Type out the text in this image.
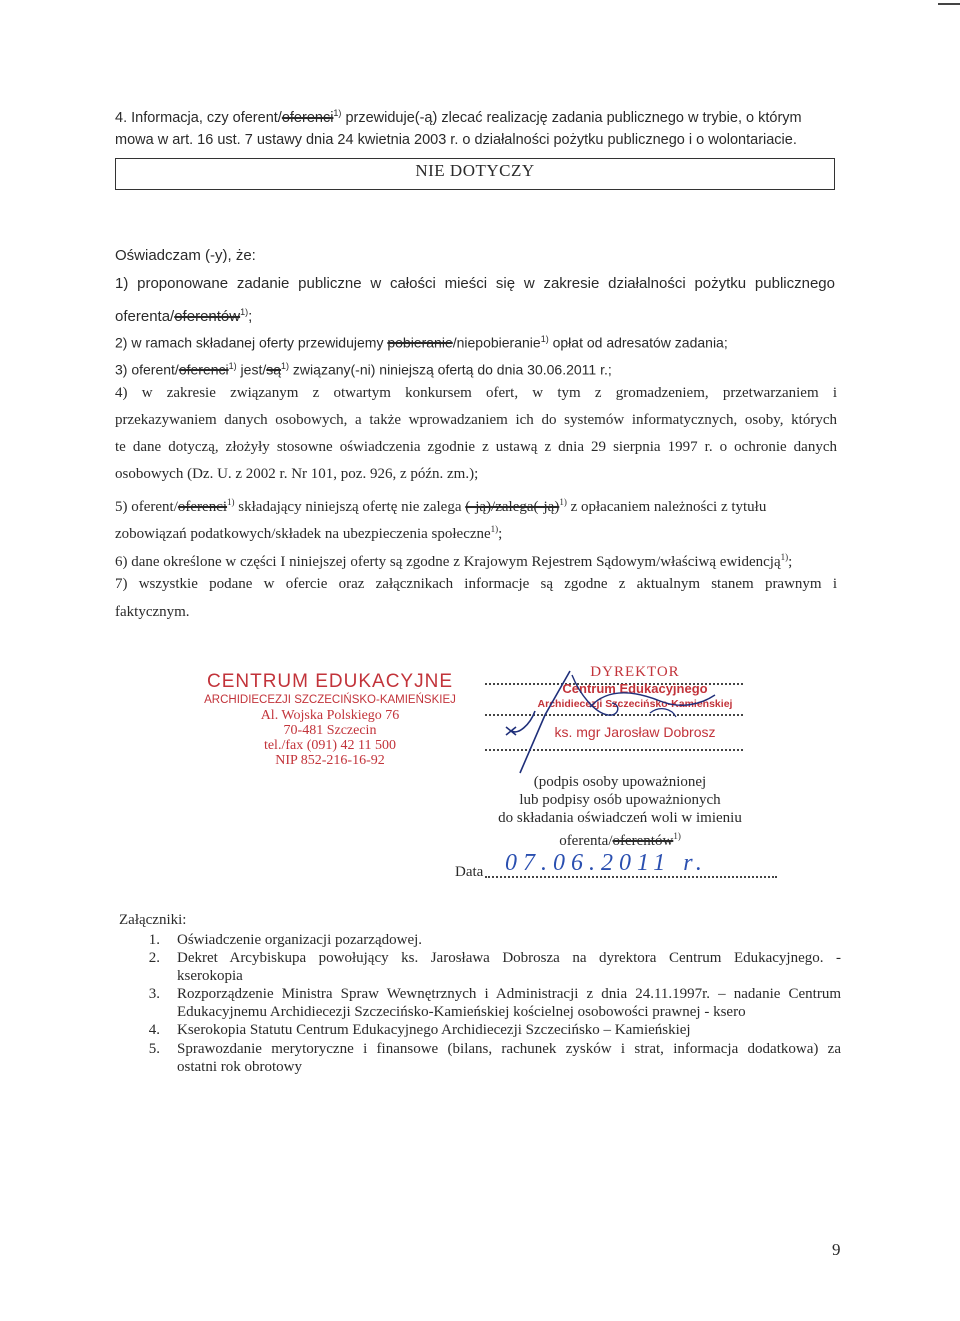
4. Informacja, czy oferent/oferenci$^{1)}$ przewiduje(-ą) zlecać realizację zadania publicznego w trybie, o którym
mowa w art. 16 ust. 7 ustawy dnia 24 kwietnia 2003 r. o działalności pożytku publicznego i o wolontariacie.
NIE DOTYCZY
Oświadczam (-y), że:
1) proponowane zadanie publiczne w całości mieści się w zakresie działalności pożytku publicznego
oferenta/oferentów$^{1)}$;
2) w ramach składanej oferty przewidujemy pobieranie/niepobieranie$^{1)}$ opłat od adresatów zadania;
3) oferent/oferenci$^{1)}$ jest/$są^{1)}$ związany(-ni) niniejszą ofertą do dnia 30.06.2011 r.;
4) w zakresie związanym z otwartym konkursem ofert, w tym z gromadzeniem, przetwarzaniem i
przekazywaniem danych osobowych, a także wprowadzaniem ich do systemów informatycznych, osoby, których
te dane dotyczą, złożyły stosowne oświadczenia zgodnie z ustawą z dnia 29 sierpnia 1997 r. o ochronie danych
osobowych (Dz. U. z 2002 r. Nr 101, poz. 926, z późn. zm.);
5) oferent/oferenci$^{1)}$ składający niniejszą ofertę nie zalega (-ją)/zalega(-ją)$^{1)}$ z opłacaniem należności z tytułu
zobowiązań podatkowych/składek na ubezpieczenia społeczne$^{1)}$;
6) dane określone w części I niniejszej oferty są zgodne z Krajowym Rejestrem Sądowym/właściwą ewidencją$^{1)}$;
7) wszystkie podane w ofercie oraz załącznikach informacje są zgodne z aktualnym stanem prawnym i
faktycznym.
CENTRUM EDUKACYJNE
ARCHIDIECEZJI SZCZECIŃSKO-KAMIEŃSKIEJ
Al. Wojska Polskiego 76
70-481 Szczecin
tel./fax (091) 42 11 500
NIP 852-216-16-92
DYREKTOR
Centrum Edukacyjnego
Archidiecezji Szczecińsko-Kamieńskiej
ks. mgr Jarosław Dobrosz
(podpis osoby upoważnionej
lub podpisy osób upoważnionych
do składania oświadczeń woli w imieniu
oferenta/oferentów$^{1)}$
Data 07.06.2011 r.
Załączniki:
1. Oświadczenie organizacji pozarządowej.
2. Dekret Arcybiskupa powołujący ks. Jarosława Dobrosza na dyrektora Centrum Edukacyjnego. -
kserokopia
3. Rozporządzenie Ministra Spraw Wewnętrznych i Administracji z dnia 24.11.1997r. – nadanie Centrum
Edukacyjnemu Archidiecezji Szczecińsko-Kamieńskiej kościelnej osobowości prawnej - ksero
4. Kserokopia Statutu Centrum Edukacyjnego Archidiecezji Szczecińsko – Kamieńskiej
5. Sprawozdanie merytoryczne i finansowe (bilans, rachunek zysków i strat, informacja dodatkowa) za
ostatni rok obrotowy
9
